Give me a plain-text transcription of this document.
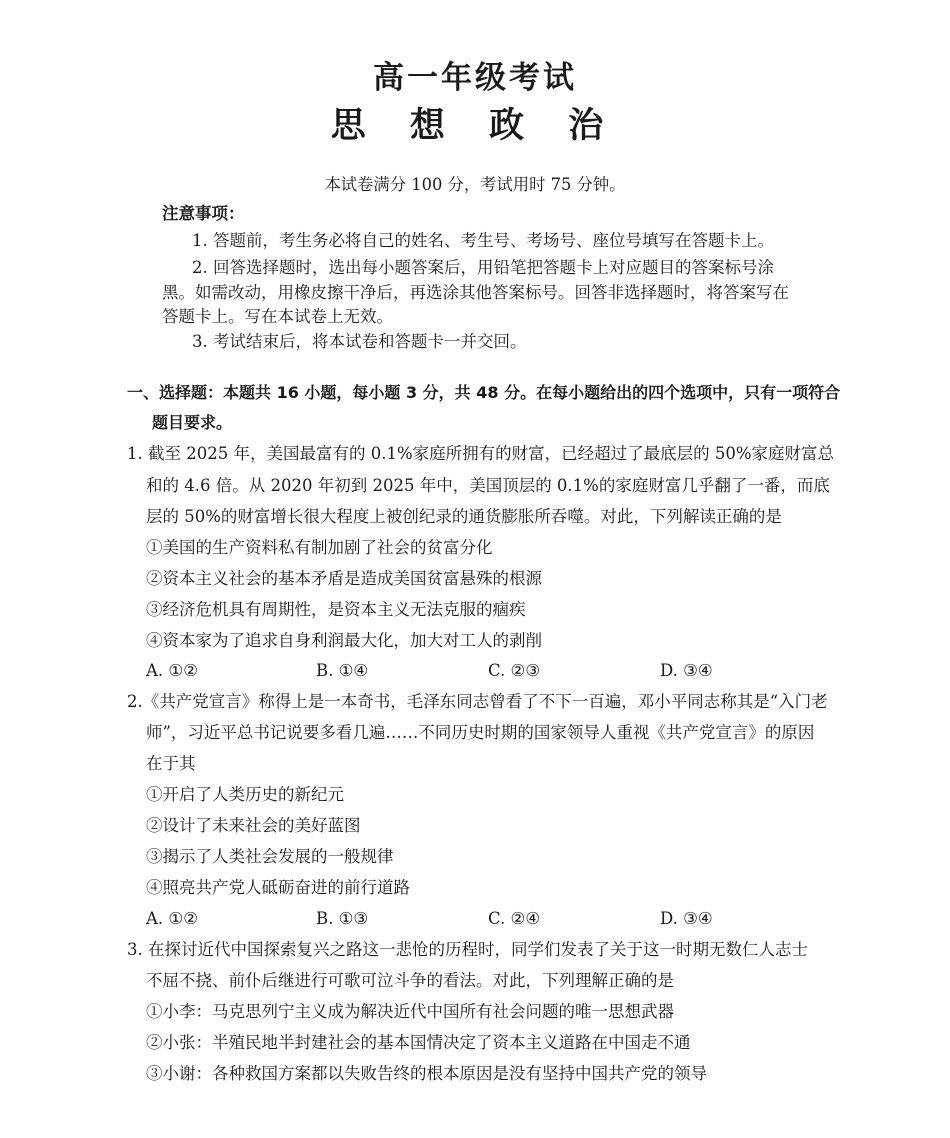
高一年级考试
思 想 政 治
本试卷满分 100 分，考试用时 75 分钟。
注意事项：
1. 答题前，考生务必将自己的姓名、考生号、考场号、座位号填写在答题卡上。
2. 回答选择题时，选出每小题答案后，用铅笔把答题卡上对应题目的答案标号涂
黑。如需改动，用橡皮擦干净后，再选涂其他答案标号。回答非选择题时，将答案写在
答题卡上。写在本试卷上无效。
3. 考试结束后，将本试卷和答题卡一并交回。
一、选择题：本题共 16 小题，每小题 3 分，共 48 分。在每小题给出的四个选项中，只有一项符合
题目要求。
1. 截至 2025 年，美国最富有的 0.1%家庭所拥有的财富，已经超过了最底层的 50%家庭财富总
和的 4.6 倍。从 2020 年初到 2025 年中，美国顶层的 0.1%的家庭财富几乎翻了一番，而底
层的 50%的财富增长很大程度上被创纪录的通货膨胀所吞噬。对此，下列解读正确的是
①美国的生产资料私有制加剧了社会的贫富分化
②资本主义社会的基本矛盾是造成美国贫富悬殊的根源
③经济危机具有周期性，是资本主义无法克服的痼疾
④资本家为了追求自身利润最大化，加大对工人的剥削
A. ①②	B. ①④	C. ②③	D. ③④
2.《共产党宣言》称得上是一本奇书，毛泽东同志曾看了不下一百遍，邓小平同志称其是“入门老
师”，习近平总书记说要多看几遍……不同历史时期的国家领导人重视《共产党宣言》的原因
在于其
①开启了人类历史的新纪元
②设计了未来社会的美好蓝图
③揭示了人类社会发展的一般规律
④照亮共产党人砥砺奋进的前行道路
A. ①②	B. ①③	C. ②④	D. ③④
3. 在探讨近代中国探索复兴之路这一悲怆的历程时，同学们发表了关于这一时期无数仁人志士
不屈不挠、前仆后继进行可歌可泣斗争的看法。对此，下列理解正确的是
①小李：马克思列宁主义成为解决近代中国所有社会问题的唯一思想武器
②小张：半殖民地半封建社会的基本国情决定了资本主义道路在中国走不通
③小谢：各种救国方案都以失败告终的根本原因是没有坚持中国共产党的领导
